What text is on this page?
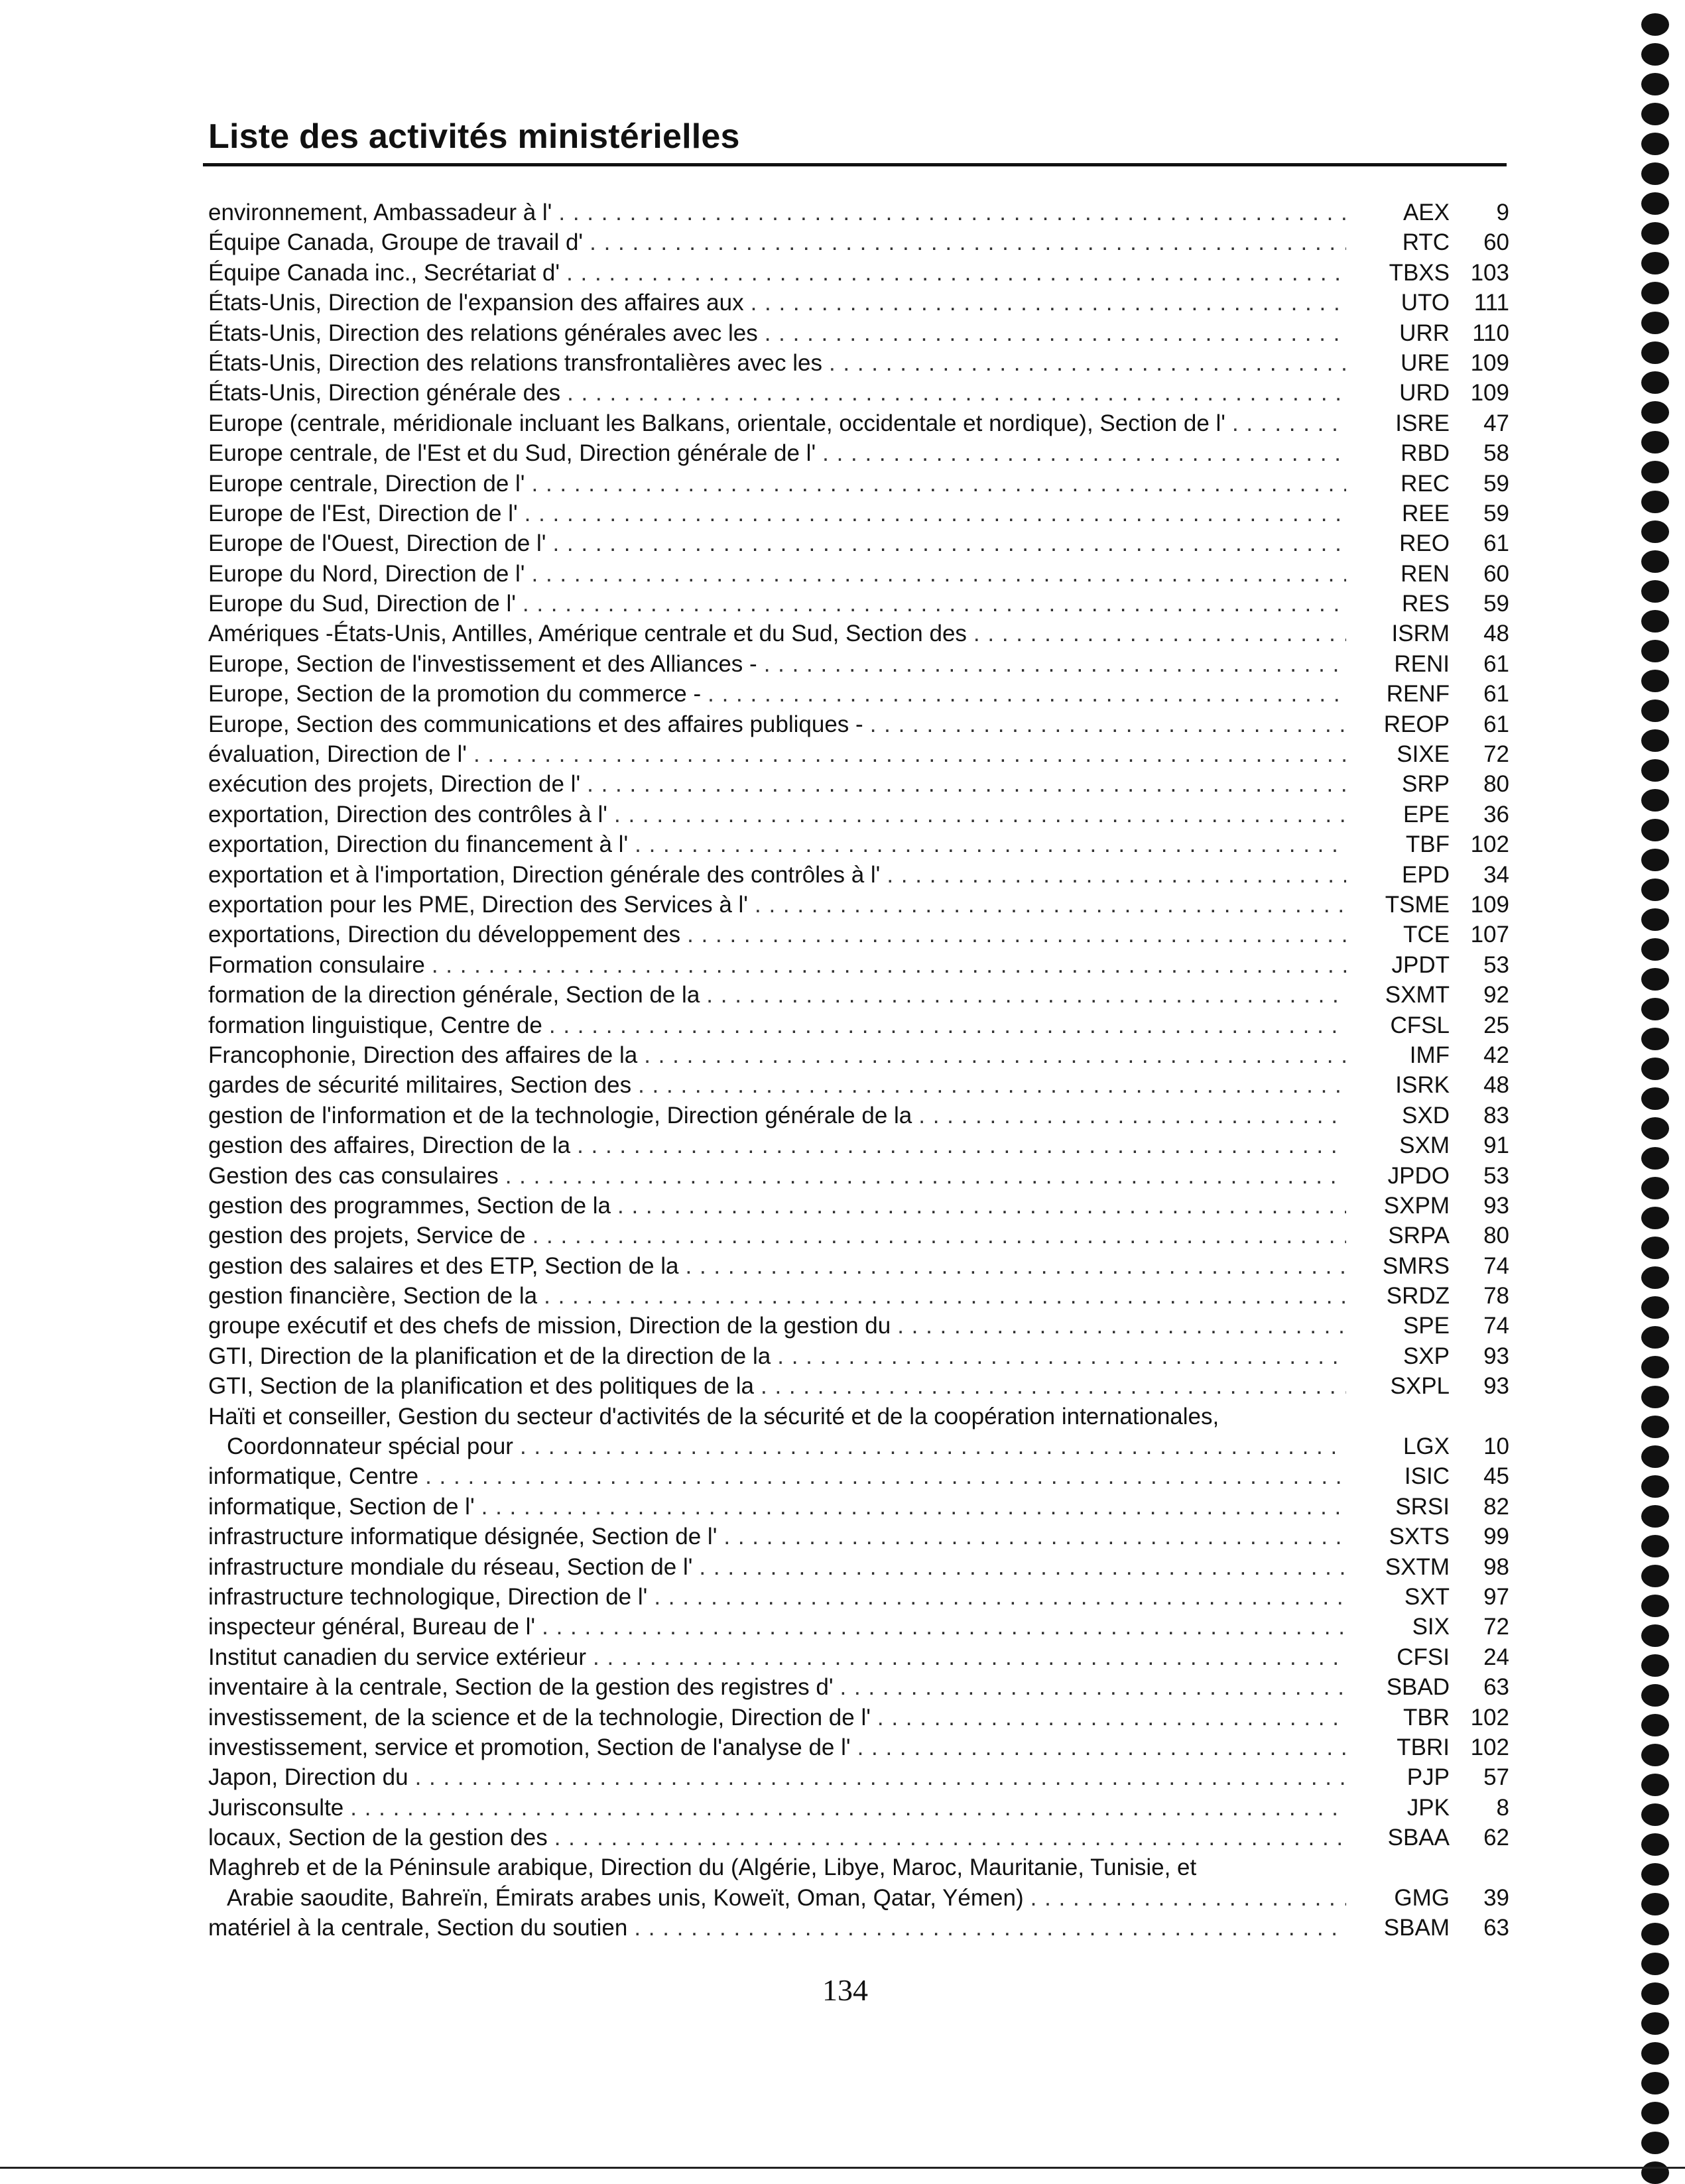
Liste des activités ministérielles
environnement, Ambassadeur à l' . . .	AEX	9
Équipe Canada, Groupe de travail d' . . .	RTC	60
Équipe Canada inc., Secrétariat d' . . .	TBXS 103
États-Unis, Direction de l'expansion des affaires aux . . .	UTO	111
États-Unis, Direction des relations générales avec les . . .	URR 110
États-Unis, Direction des relations transfrontalières avec les . . .	URE 109
États-Unis, Direction générale des . . .	URD 109
Europe (centrale, méridionale incluant les Balkans, orientale, occidentale et nordique), Section de l' . . .	ISRE	47
Europe centrale, de l'Est et du Sud, Direction générale de l' . . .	RBD	58
Europe centrale, Direction de l' . . .	REC	59
Europe de l'Est, Direction de l' . . .	REE	59
Europe de l'Ouest, Direction de l' . . .	REO	61
Europe du Nord, Direction de l' . . .	REN	60
Europe du Sud, Direction de l' . . .	RES	59
Amériques -États-Unis, Antilles, Amérique centrale et du Sud, Section des . . .	ISRM	48
Europe, Section de l'investissement et des Alliances - . . .	RENI	61
Europe, Section de la promotion du commerce - . . .	RENF	61
Europe, Section des communications et des affaires publiques - . . .	REOP	61
évaluation, Direction de l' . . .	SIXE	72
exécution des projets, Direction de l' . . .	SRP	80
exportation, Direction des contrôles à l' . . .	EPE	36
exportation, Direction du financement à l' . . .	TBF 102
exportation et à l'importation, Direction générale des contrôles à l' . . .	EPD	34
exportation pour les PME, Direction des Services à l' . . .	TSME 109
exportations, Direction du développement des . . .	TCE 107
Formation consulaire . . .	JPDT	53
formation de la direction générale, Section de la . . .	SXMT	92
formation linguistique, Centre de . . .	CFSL	25
Francophonie, Direction des affaires de la . . .	IMF	42
gardes de sécurité militaires, Section des . . .	ISRK	48
gestion de l'information et de la technologie, Direction générale de la . . .	SXD	83
gestion des affaires, Direction de la . . .	SXM	91
Gestion des cas consulaires . . .	JPDO	53
gestion des programmes, Section de la . . .	SXPM	93
gestion des projets, Service de . . .	SRPA	80
gestion des salaires et des ETP, Section de la . . .	SMRS	74
gestion financière, Section de la . . .	SRDZ	78
groupe exécutif et des chefs de mission, Direction de la gestion du . . .	SPE	74
GTI, Direction de la planification et de la direction de la . . .	SXP	93
GTI, Section de la planification et des politiques de la . . .	SXPL	93
Haïti et conseiller, Gestion du secteur d'activités de la sécurité et de la coopération internationales,
Coordonnateur spécial pour . . .	LGX	10
informatique, Centre . . .	ISIC	45
informatique, Section de l' . . .	SRSI	82
infrastructure informatique désignée, Section de l' . . .	SXTS	99
infrastructure mondiale du réseau, Section de l' . . .	SXTM	98
infrastructure technologique, Direction de l' . . .	SXT	97
inspecteur général, Bureau de l' . . .	SIX	72
Institut canadien du service extérieur . . .	CFSI	24
inventaire à la centrale, Section de la gestion des registres d' . . .	SBAD	63
investissement, de la science et de la technologie, Direction de l' . . .	TBR 102
investissement, service et promotion, Section de l'analyse de l' . . .	TBRI 102
Japon, Direction du . . .	PJP	57
Jurisconsulte . . .	JPK	8
locaux, Section de la gestion des . . .	SBAA	62
Maghreb et de la Péninsule arabique, Direction du (Algérie, Libye, Maroc, Mauritanie, Tunisie, et
Arabie saoudite, Bahreïn, Émirats arabes unis, Koweït, Oman, Qatar, Yémen) . . .	GMG	39
matériel à la centrale, Section du soutien . . .	SBAM	63
134
